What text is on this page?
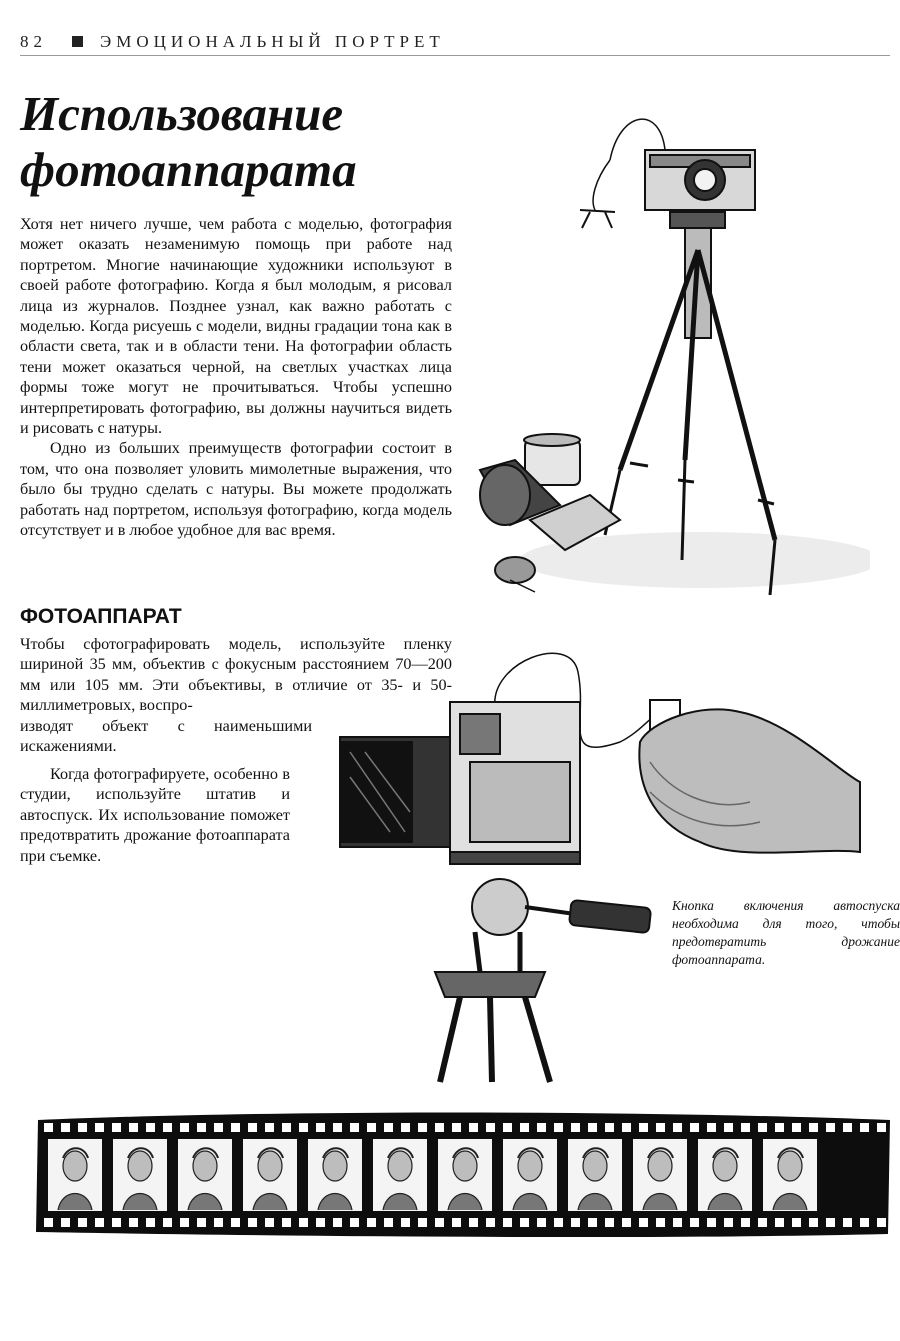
82	ЭМОЦИОНАЛЬНЫЙ ПОРТРЕТ
Использование
фотоаппарата

Хотя нет ничего лучше, чем работа с моделью, фотография может оказать незаменимую помощь при работе над портретом. Многие начинающие художники используют в своей работе фотографию. Когда я был молодым, я рисовал лица из журналов. Позднее узнал, как важно работать с моделью. Когда рисуешь с модели, видны градации тона как в области света, так и в области тени. На фотографии область тени может оказаться черной, на светлых участках лица формы тоже могут не прочитываться. Чтобы успешно интерпретировать фотографию, вы должны научиться видеть и рисовать с натуры.

Одно из больших преимуществ фотографии состоит в том, что она позволяет уловить мимолетные выражения, что было бы трудно сделать с натуры. Вы можете продолжать работать над портретом, используя фотографию, когда модель отсутствует и в любое удобное для вас время.

ФОТОАППАРАТ

Чтобы сфотографировать модель, используйте пленку шириной 35 мм, объектив с фокусным расстоянием 70—200 мм или 105 мм. Эти объективы, в отличие от 35- и 50-миллиметровых, воспро-

изводят объект с наименьшими искажениями.

Когда фотографируете, особенно в студии, используйте штатив и автоспуск. Их использование поможет предотвратить дрожание фотоаппарата при съемке.

Кнопка включения автоспуска необходима для того, чтобы предотвратить дрожание фотоаппарата.
